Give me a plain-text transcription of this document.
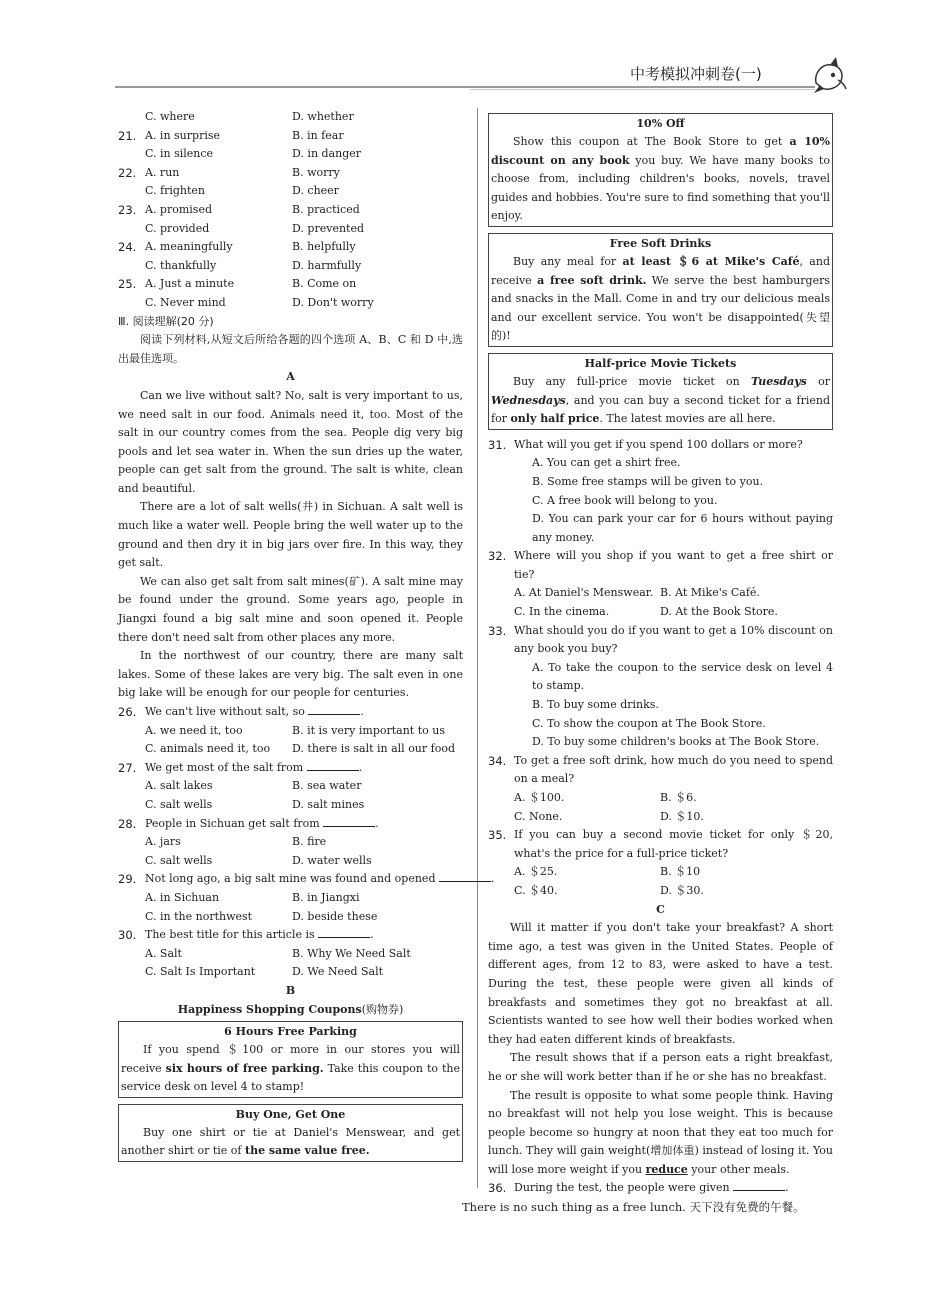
中考模拟冲刺卷(一)
C. where	D. whether
21. A. in surprise	B. in fear
C. in silence	D. in danger
22. A. run	B. worry
C. frighten	D. cheer
23. A. promised	B. practiced
C. provided	D. prevented
24. A. meaningfully	B. helpfully
C. thankfully	D. harmfully
25. A. Just a minute	B. Come on
C. Never mind	D. Don't worry
Ⅲ. 阅读理解(20 分)

阅读下列材料,从短文后所给各题的四个选项 A、B、C 和 D 中,选出最佳选项。

A

Can we live without salt? No, salt is very important to us, we need salt in our food. Animals need it, too. Most of the salt in our country comes from the sea. People dig very big pools and let sea water in. When the sun dries up the water, people can get salt from the ground. The salt is white, clean and beautiful.

There are a lot of salt wells(井) in Sichuan. A salt well is much like a water well. People bring the well water up to the ground and then dry it in big jars over fire. In this way, they get salt.

We can also get salt from salt mines(矿). A salt mine may be found under the ground. Some years ago, people in Jiangxi found a big salt mine and soon opened it. People there don't need salt from other places any more.

In the northwest of our country, there are many salt lakes. Some of these lakes are very big. The salt even in one big lake will be enough for our people for centuries.

26. We can't live without salt, so	.
A. we need it, too	B. it is very important to us
C. animals need it, too D. there is salt in all our food
27. We get most of the salt from	.
A. salt lakes	B. sea water
C. salt wells	D. salt mines
28. People in Sichuan get salt from	.
A. jars	B. fire
C. salt wells	D. water wells
29. Not long ago, a big salt mine was found and opened	.
A. in Sichuan	B. in Jiangxi
C. in the northwest	D. beside these
30. The best title for this article is	.
A. Salt	B. Why We Need Salt
C. Salt Is Important	D. We Need Salt
B
Happiness Shopping Coupons(购物券)
6 Hours Free Parking
If you spend ＄100 or more in our stores you will receive six hours of free parking. Take this coupon to the service desk on level 4 to stamp!
Buy One, Get One
Buy one shirt or tie at Daniel's Menswear, and get another shirt or tie of the same value free.
10% Off
Show this coupon at The Book Store to get a 10% discount on any book you buy. We have many books to choose from, including children's books, novels, travel guides and hobbies. You're sure to find something that you'll enjoy.
Free Soft Drinks
Buy any meal for at least ＄6 at Mike's Café, and receive a free soft drink. We serve the best hamburgers and snacks in the Mall. Come in and try our delicious meals and our excellent service. You won't be disappointed(失望的)!
Half-price Movie Tickets
Buy any full-price movie ticket on Tuesdays or Wednesdays, and you can buy a second ticket for a friend for only half price. The latest movies are all here.
31. What will you get if you spend 100 dollars or more?
A. You can get a shirt free.
B. Some free stamps will be given to you.
C. A free book will belong to you.
D. You can park your car for 6 hours without paying any money.
32. Where will you shop if you want to get a free shirt or tie?
A. At Daniel's Menswear. B. At Mike's Café.
C. In the cinema.	D. At the Book Store.
33. What should you do if you want to get a 10% discount on any book you buy?
A. To take the coupon to the service desk on level 4 to stamp.
B. To buy some drinks.
C. To show the coupon at The Book Store.
D. To buy some children's books at The Book Store.
34. To get a free soft drink, how much do you need to spend on a meal?
A. ＄100.	B. ＄6.
C. None.	D. ＄10.
35. If you can buy a second movie ticket for only ＄20, what's the price for a full-price ticket?
A. ＄25.	B. ＄10
C. ＄40.	D. ＄30.
C

Will it matter if you don't take your breakfast? A short time ago, a test was given in the United States. People of different ages, from 12 to 83, were asked to have a test. During the test, these people were given all kinds of breakfasts and sometimes they got no breakfast at all. Scientists wanted to see how well their bodies worked when they had eaten different kinds of breakfasts.

The result shows that if a person eats a right breakfast, he or she will work better than if he or she has no breakfast.

The result is opposite to what some people think. Having no breakfast will not help you lose weight. This is because people become so hungry at noon that they eat too much for lunch. They will gain weight(增加体重) instead of losing it. You will lose more weight if you reduce your other meals.

36. During the test, the people were given	.
There is no such thing as a free lunch. 天下没有免费的午餐。
